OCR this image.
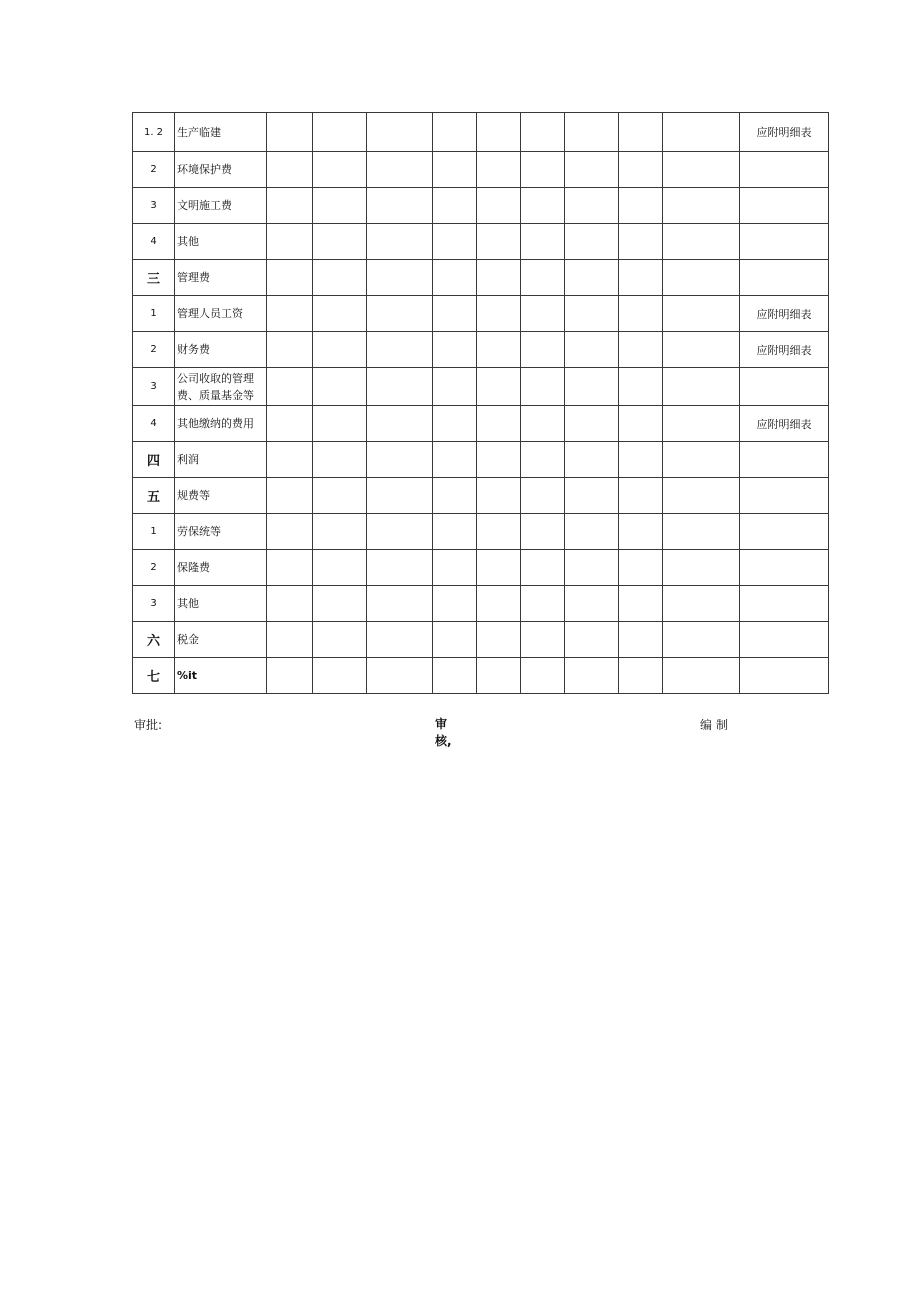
1. 2	生产临建										应附明细表
2	环境保护费										
3	文明施工费										
4	其他										
三	管理费										
1	管理人员工资										应附明细表
2	财务费										应附明细表
3	公司收取的管理费、质量基金等										
4	其他缴纳的费用										应附明细表
四	利润										
五	规费等										
1	劳保统等										
2	保隆费										
3	其他										
六	税金										
七	%it										
审批:	审
核,
编制
